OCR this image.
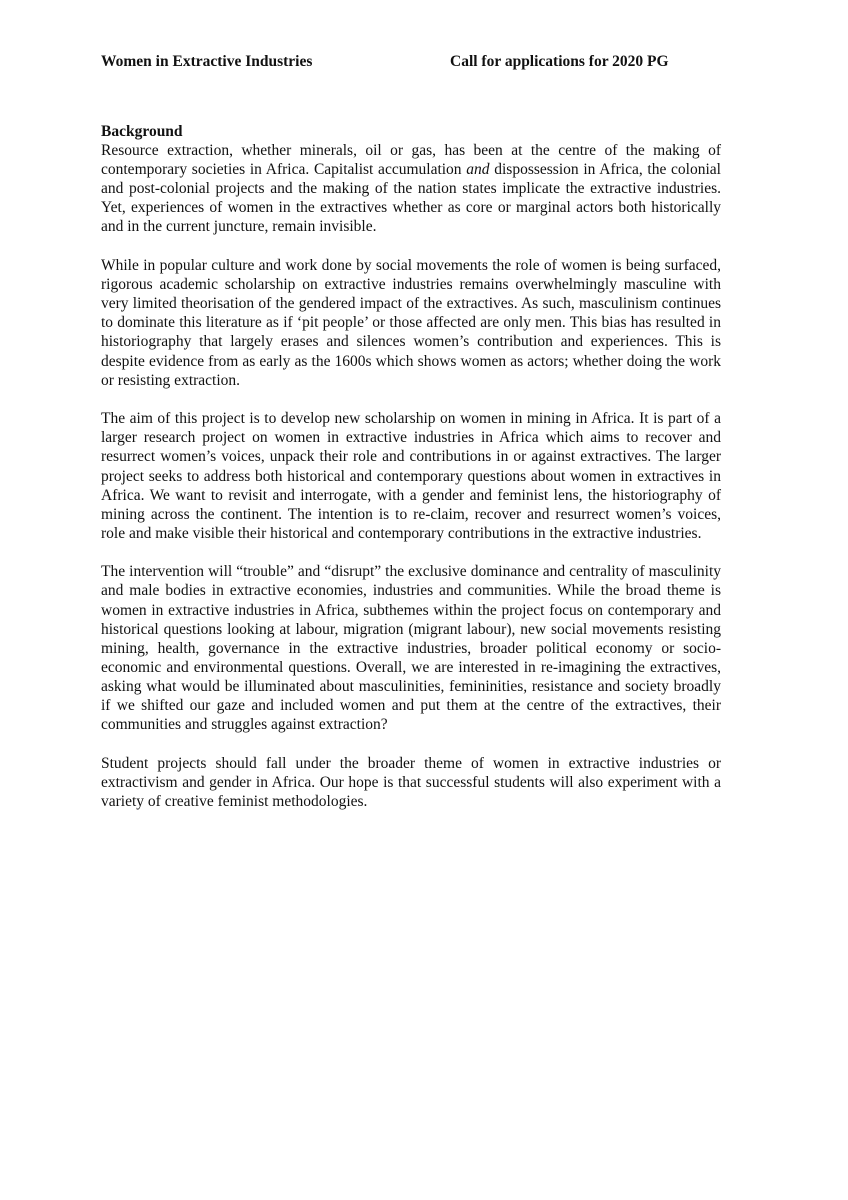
Women in Extractive Industries	Call for applications for 2020 PG
Background

Resource extraction, whether minerals, oil or gas, has been at the centre of the making of contemporary societies in Africa. Capitalist accumulation and dispossession in Africa, the colonial and post-colonial projects and the making of the nation states implicate the extractive industries. Yet, experiences of women in the extractives whether as core or marginal actors both historically and in the current juncture, remain invisible.

While in popular culture and work done by social movements the role of women is being surfaced, rigorous academic scholarship on extractive industries remains overwhelmingly masculine with very limited theorisation of the gendered impact of the extractives. As such, masculinism continues to dominate this literature as if ‘pit people’ or those affected are only men. This bias has resulted in historiography that largely erases and silences women’s contribution and experiences. This is despite evidence from as early as the 1600s which shows women as actors; whether doing the work or resisting extraction.

The aim of this project is to develop new scholarship on women in mining in Africa. It is part of a larger research project on women in extractive industries in Africa which aims to recover and resurrect women’s voices, unpack their role and contributions in or against extractives. The larger project seeks to address both historical and contemporary questions about women in extractives in Africa. We want to revisit and interrogate, with a gender and feminist lens, the historiography of mining across the continent. The intention is to re-claim, recover and resurrect women’s voices, role and make visible their historical and contemporary contributions in the extractive industries.

The intervention will “trouble” and “disrupt” the exclusive dominance and centrality of masculinity and male bodies in extractive economies, industries and communities. While the broad theme is women in extractive industries in Africa, subthemes within the project focus on contemporary and historical questions looking at labour, migration (migrant labour), new social movements resisting mining, health, governance in the extractive industries, broader political economy or socio-economic and environmental questions. Overall, we are interested in re-imagining the extractives, asking what would be illuminated about masculinities, femininities, resistance and society broadly if we shifted our gaze and included women and put them at the centre of the extractives, their communities and struggles against extraction?

Student projects should fall under the broader theme of women in extractive industries or extractivism and gender in Africa. Our hope is that successful students will also experiment with a variety of creative feminist methodologies.
